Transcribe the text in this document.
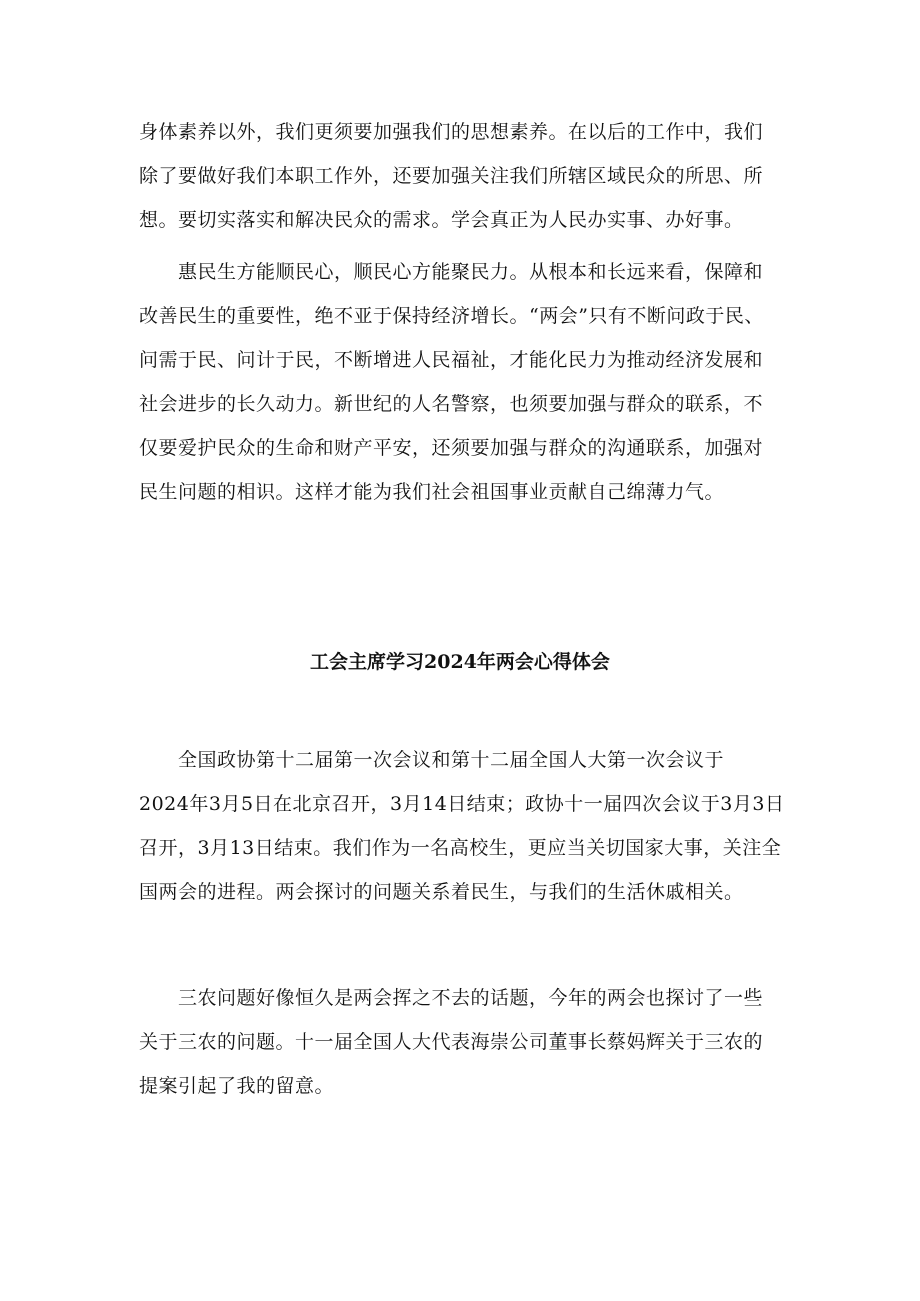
身体素养以外，我们更须要加强我们的思想素养。在以后的工作中，我们
除了要做好我们本职工作外，还要加强关注我们所辖区域民众的所思、所
想。要切实落实和解决民众的需求。学会真正为人民办实事、办好事。

　　惠民生方能顺民心，顺民心方能聚民力。从根本和长远来看，保障和
改善民生的重要性，绝不亚于保持经济增长。“两会”只有不断问政于民、
问需于民、问计于民，不断增进人民福祉，才能化民力为推动经济发展和
社会进步的长久动力。新世纪的人名警察，也须要加强与群众的联系，不
仅要爱护民众的生命和财产平安，还须要加强与群众的沟通联系，加强对
民生问题的相识。这样才能为我们社会祖国事业贡献自己绵薄力气。

工会主席学习2024年两会心得体会

　　全国政协第十二届第一次会议和第十二届全国人大第一次会议于
2024年3月5日在北京召开，3月14日结束；政协十一届四次会议于3月3日
召开，3月13日结束。我们作为一名高校生，更应当关切国家大事，关注全
国两会的进程。两会探讨的问题关系着民生，与我们的生活休戚相关。

　　三农问题好像恒久是两会挥之不去的话题，今年的两会也探讨了一些
关于三农的问题。十一届全国人大代表海崇公司董事长蔡妈辉关于三农的
提案引起了我的留意。
